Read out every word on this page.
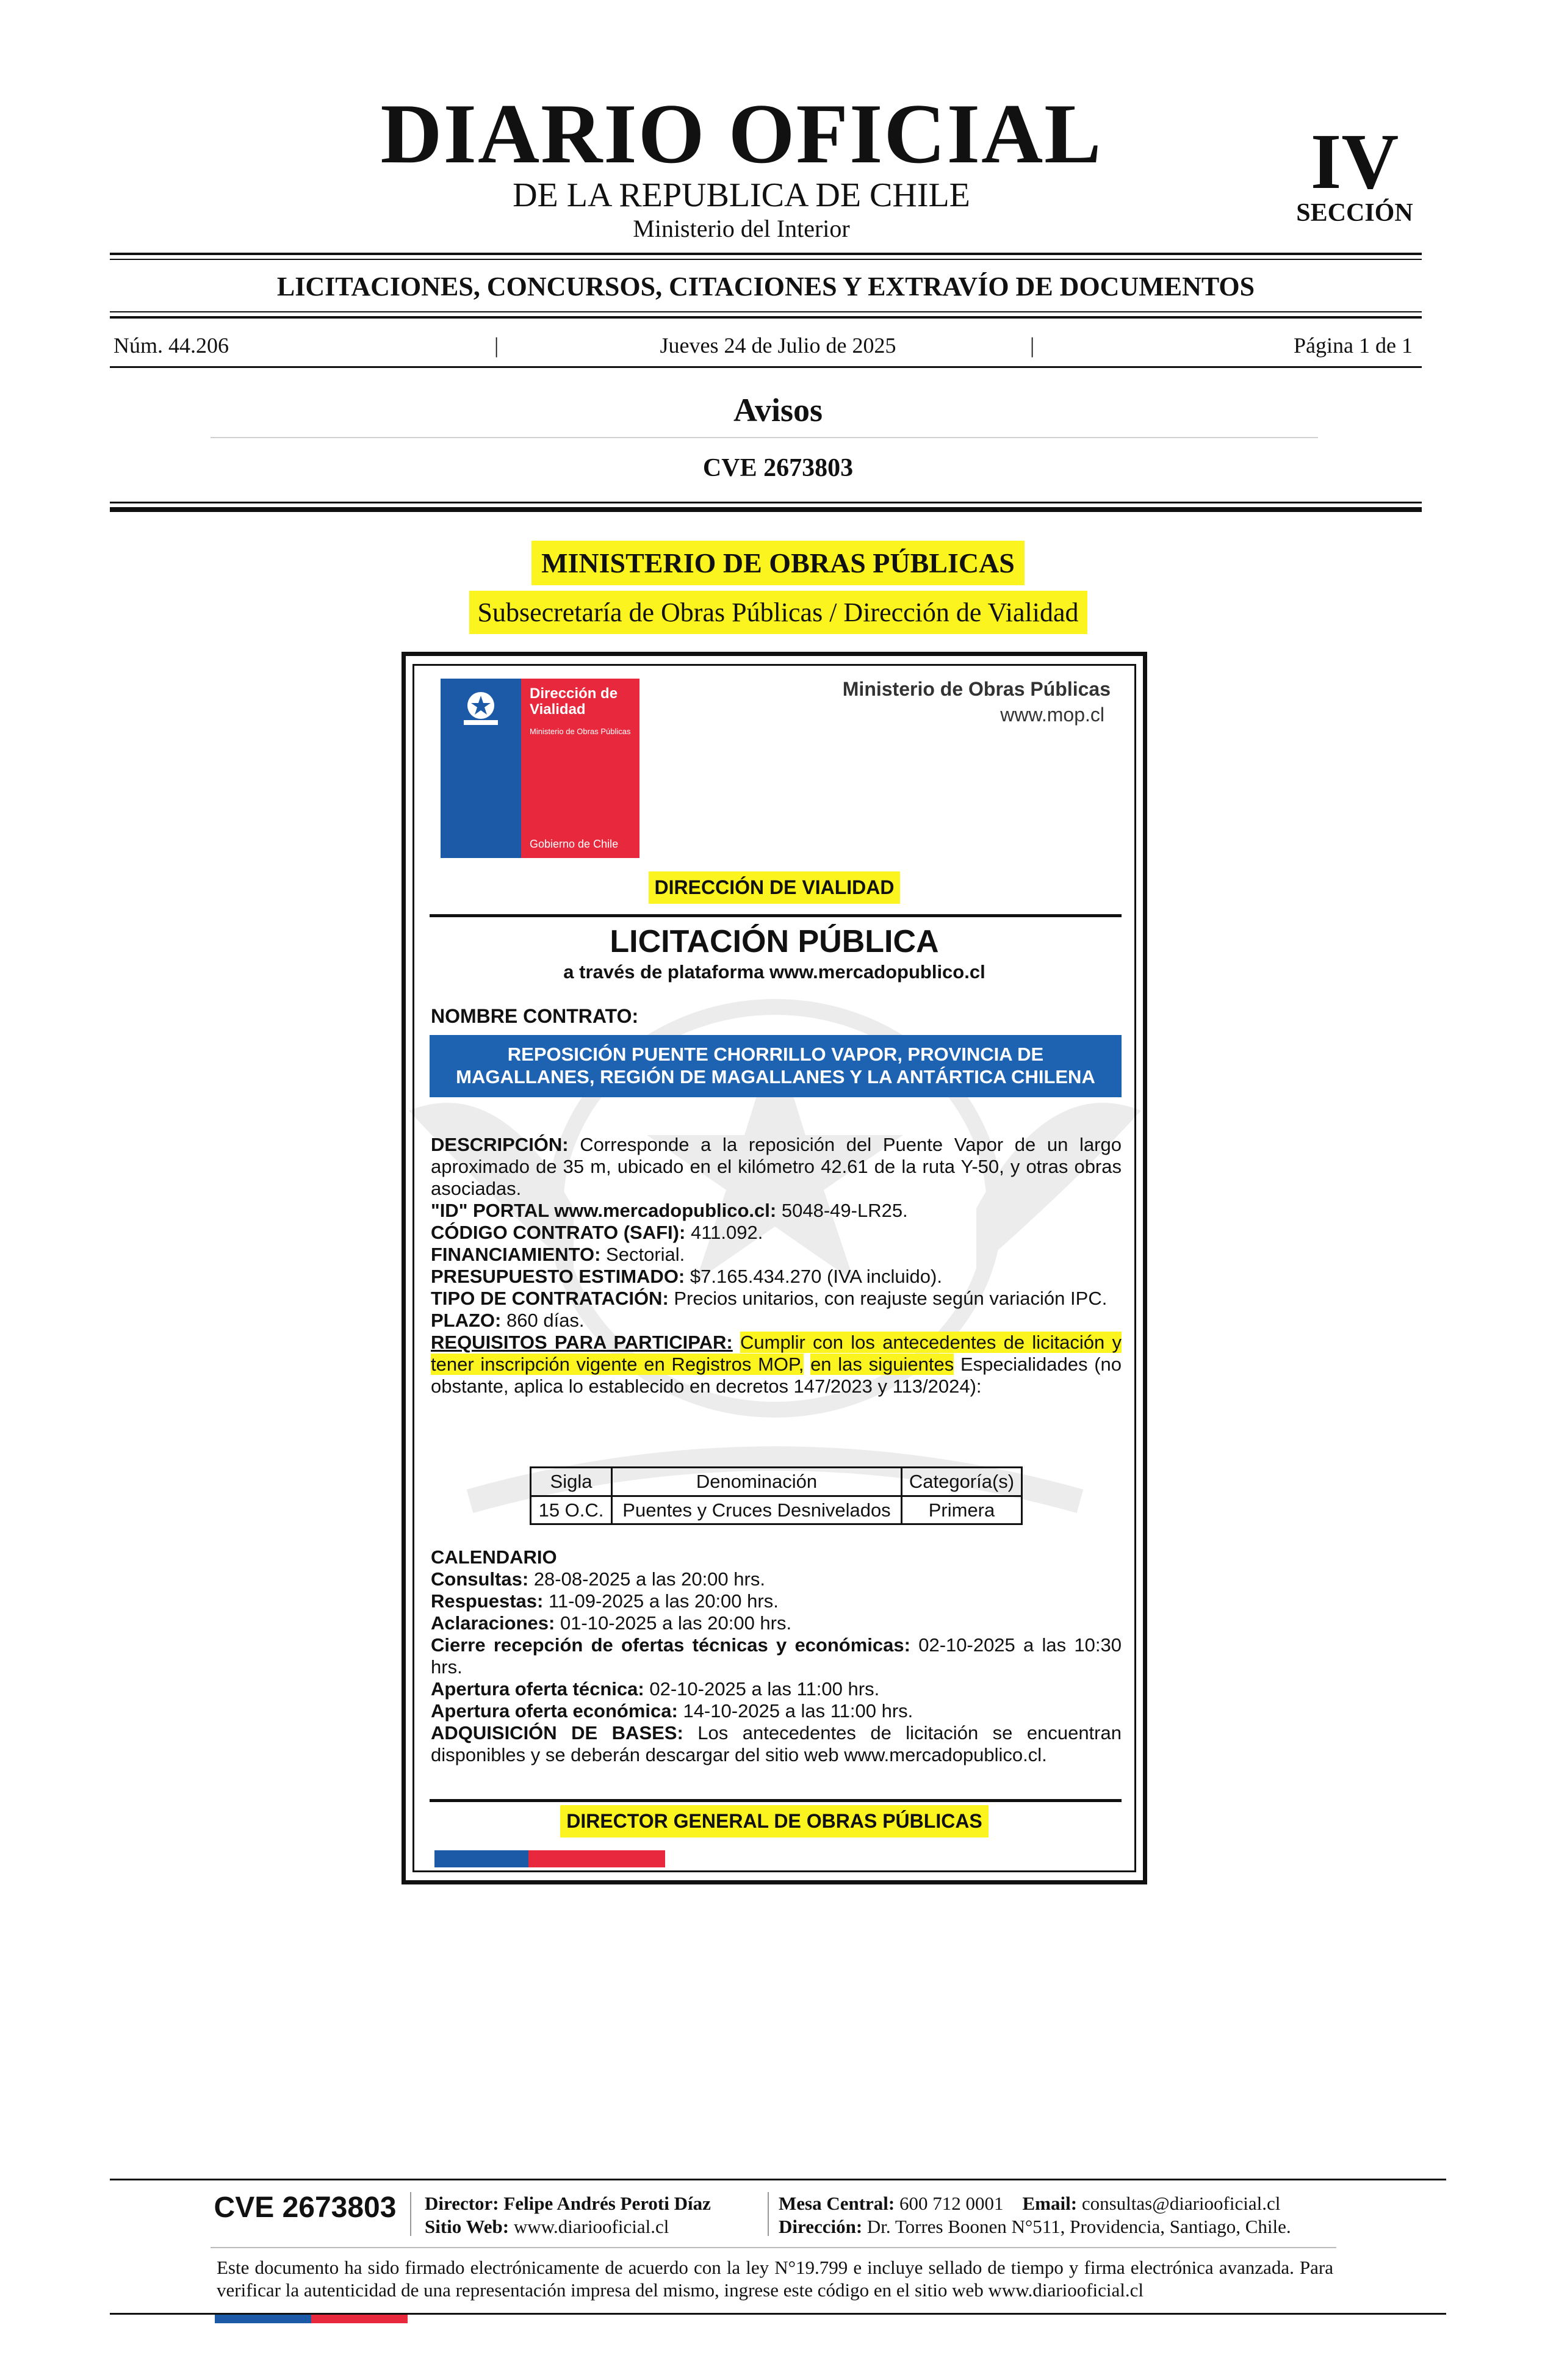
DIARIO OFICIAL
DE LA REPUBLICA DE CHILE
Ministerio del Interior
IV
SECCIÓN
LICITACIONES, CONCURSOS, CITACIONES Y EXTRAVÍO DE DOCUMENTOS
Núm. 44.206	|	Jueves 24 de Julio de 2025	|	Página 1 de 1
Avisos
CVE 2673803
MINISTERIO DE OBRAS PÚBLICAS
Subsecretaría de Obras Públicas / Dirección de Vialidad
Dirección de Vialidad
Ministerio de Obras Públicas
Gobierno de Chile
Ministerio de Obras Públicas
www.mop.cl
DIRECCIÓN DE VIALIDAD
LICITACIÓN PÚBLICA
a través de plataforma www.mercadopublico.cl
NOMBRE CONTRATO:
REPOSICIÓN PUENTE CHORRILLO VAPOR, PROVINCIA DE
MAGALLANES, REGIÓN DE MAGALLANES Y LA ANTÁRTICA CHILENA

DESCRIPCIÓN: Corresponde a la reposición del Puente Vapor de un largo aproximado de 35 m, ubicado en el kilómetro 42.61 de la ruta Y-50, y otras obras asociadas.

"ID" PORTAL www.mercadopublico.cl: 5048-49-LR25.

CÓDIGO CONTRATO (SAFI): 411.092.

FINANCIAMIENTO: Sectorial.

PRESUPUESTO ESTIMADO: $7.165.434.270 (IVA incluido).

TIPO DE CONTRATACIÓN: Precios unitarios, con reajuste según variación IPC.

PLAZO: 860 días.

REQUISITOS PARA PARTICIPAR: Cumplir con los antecedentes de licitación y tener inscripción vigente en Registros MOP, en las siguientes Especialidades (no obstante, aplica lo establecido en decretos 147/2023 y 113/2024):

Sigla	Denominación	Categoría(s)
15 O.C.	Puentes y Cruces Desnivelados	Primera

CALENDARIO

Consultas: 28-08-2025 a las 20:00 hrs.

Respuestas: 11-09-2025 a las 20:00 hrs.

Aclaraciones: 01-10-2025 a las 20:00 hrs.

Cierre recepción de ofertas técnicas y económicas: 02-10-2025 a las 10:30 hrs.

Apertura oferta técnica: 02-10-2025 a las 11:00 hrs.

Apertura oferta económica: 14-10-2025 a las 11:00 hrs.

ADQUISICIÓN DE BASES: Los antecedentes de licitación se encuentran disponibles y se deberán descargar del sitio web www.mercadopublico.cl.

DIRECTOR GENERAL DE OBRAS PÚBLICAS
CVE 2673803	Director: Felipe Andrés Peroti Díaz
Sitio Web: www.diariooficial.cl
Mesa Central: 600 712 0001 Email: consultas@diariooficial.cl
Dirección: Dr. Torres Boonen N°511, Providencia, Santiago, Chile.
Este documento ha sido firmado electrónicamente de acuerdo con la ley N°19.799 e incluye sellado de tiempo y firma electrónica avanzada. Para verificar la autenticidad de una representación impresa del mismo, ingrese este código en el sitio web www.diariooficial.cl
